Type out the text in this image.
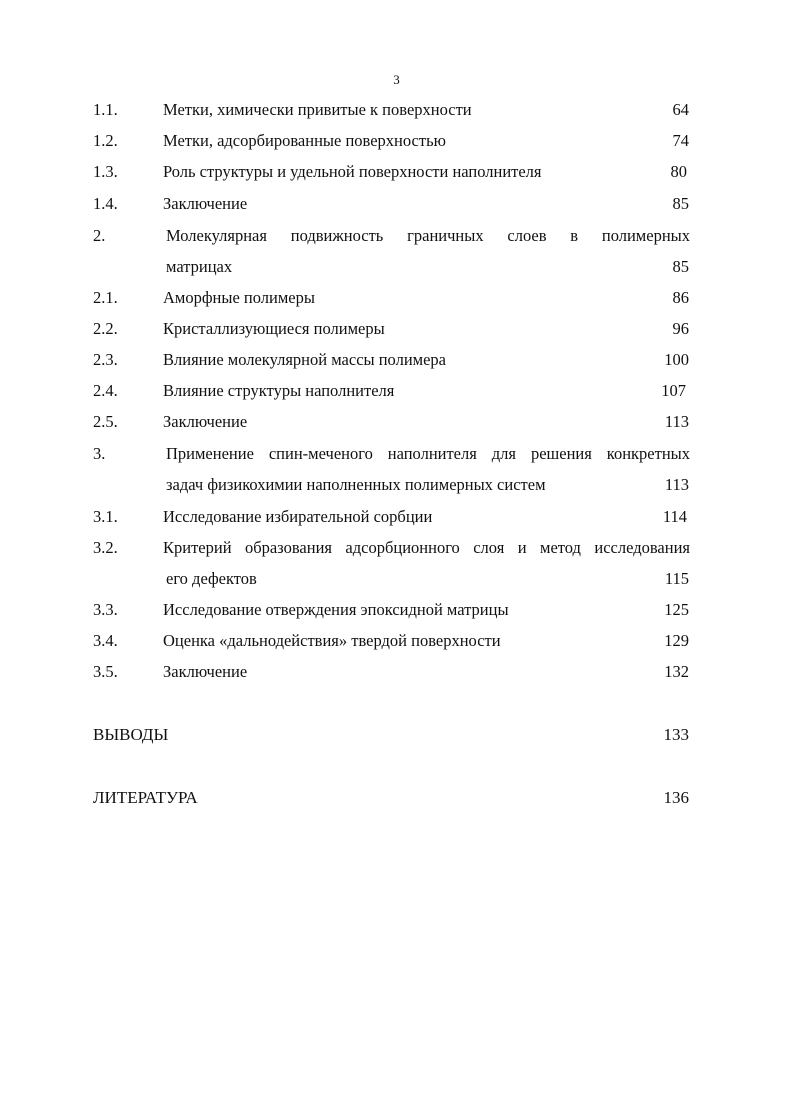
3
1.1.	Метки, химически привитые к поверхности	64
1.2.	Метки, адсорбированные поверхностью	74
1.3.	Роль структуры и удельной поверхности наполнителя	80
1.4.	Заключение	85
2.	Молекулярная подвижность граничных слоев в полимерных
матрицах	85
2.1.	Аморфные полимеры	86
2.2.	Кристаллизующиеся полимеры	96
2.3.	Влияние молекулярной массы полимера	100
2.4.	Влияние структуры наполнителя	107
2.5.	Заключение	113
3.	Применение спин-меченого наполнителя для решения конкретных
задач физикохимии наполненных полимерных систем	113
3.1.	Исследование избирательной сорбции	114
3.2.	Критерий образования адсорбционного слоя и метод исследования
его дефектов	115
3.3.	Исследование отверждения эпоксидной матрицы	125
3.4.	Оценка «дальнодействия» твердой поверхности	129
3.5.	Заключение	132
ВЫВОДЫ	133
ЛИТЕРАТУРА	136
